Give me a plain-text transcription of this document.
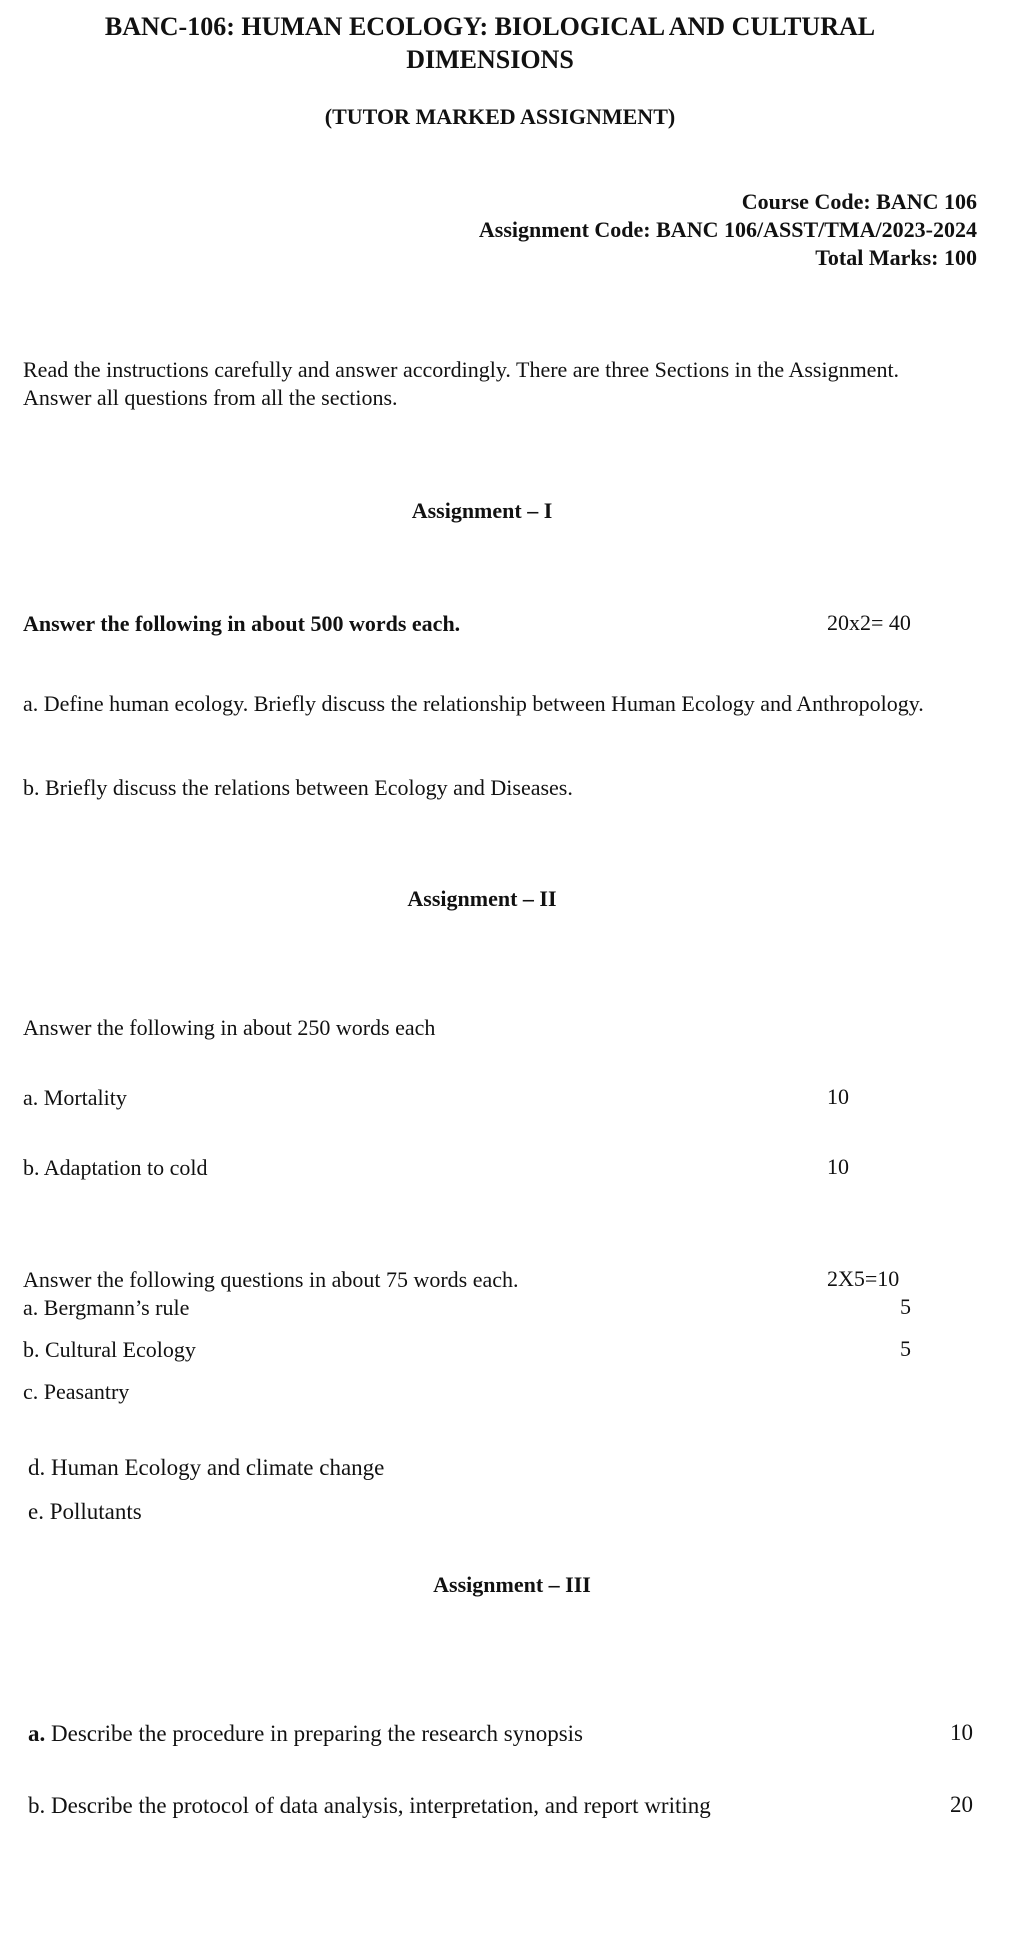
BANC-106: HUMAN ECOLOGY: BIOLOGICAL AND CULTURAL DIMENSIONS
(TUTOR MARKED ASSIGNMENT)
Course Code: BANC 106
Assignment Code: BANC 106/ASST/TMA/2023-2024
Total Marks: 100
Read the instructions carefully and answer accordingly. There are three Sections in the Assignment. Answer all questions from all the sections.
Assignment – I
Answer the following in about 500 words each.	20x2= 40
a. Define human ecology. Briefly discuss the relationship between Human Ecology and Anthropology.
b. Briefly discuss the relations between Ecology and Diseases.
Assignment – II
Answer the following in about 250 words each
a. Mortality	10
b. Adaptation to cold	10
Answer the following questions in about 75 words each.	2X5=10
a. Bergmann’s rule	5
b. Cultural Ecology	5
c. Peasantry
d. Human Ecology and climate change
e. Pollutants
Assignment – III
a. Describe the procedure in preparing the research synopsis	10
b. Describe the protocol of data analysis, interpretation, and report writing	20
